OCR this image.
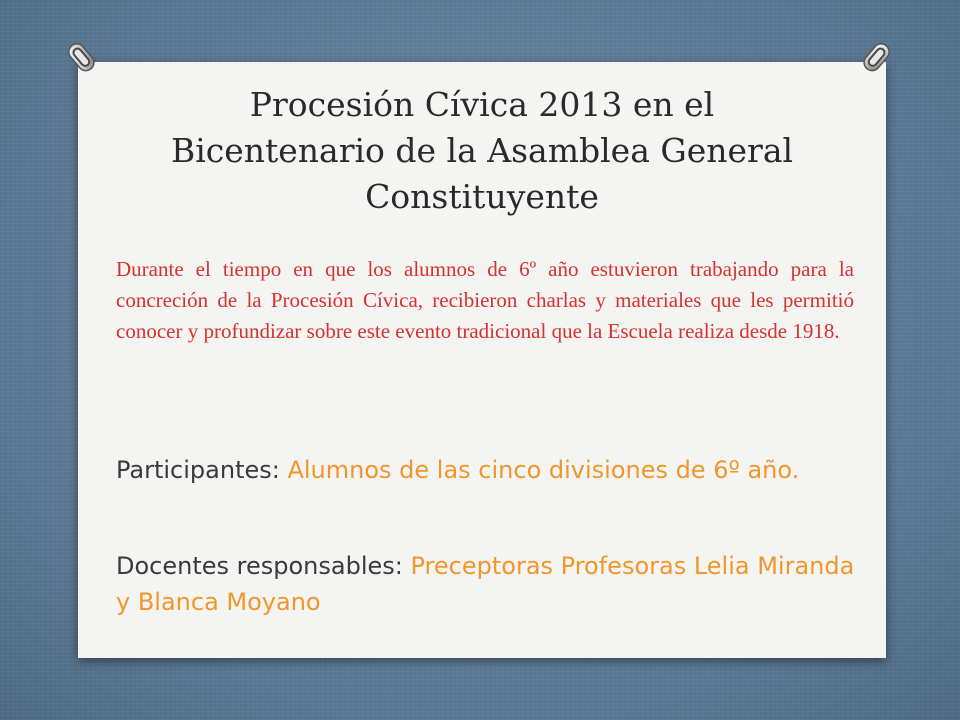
Procesión Cívica 2013 en el
Bicentenario de la Asamblea General
Constituyente

Durante el tiempo en que los alumnos de 6º año estuvieron trabajando para la concreción de la Procesión Cívica, recibieron charlas y materiales que les permitió conocer y profundizar sobre este evento tradicional que la Escuela realiza desde 1918.

Participantes: Alumnos de las cinco divisiones de 6º año.

Docentes responsables: Preceptoras Profesoras Lelia Miranda y Blanca Moyano
